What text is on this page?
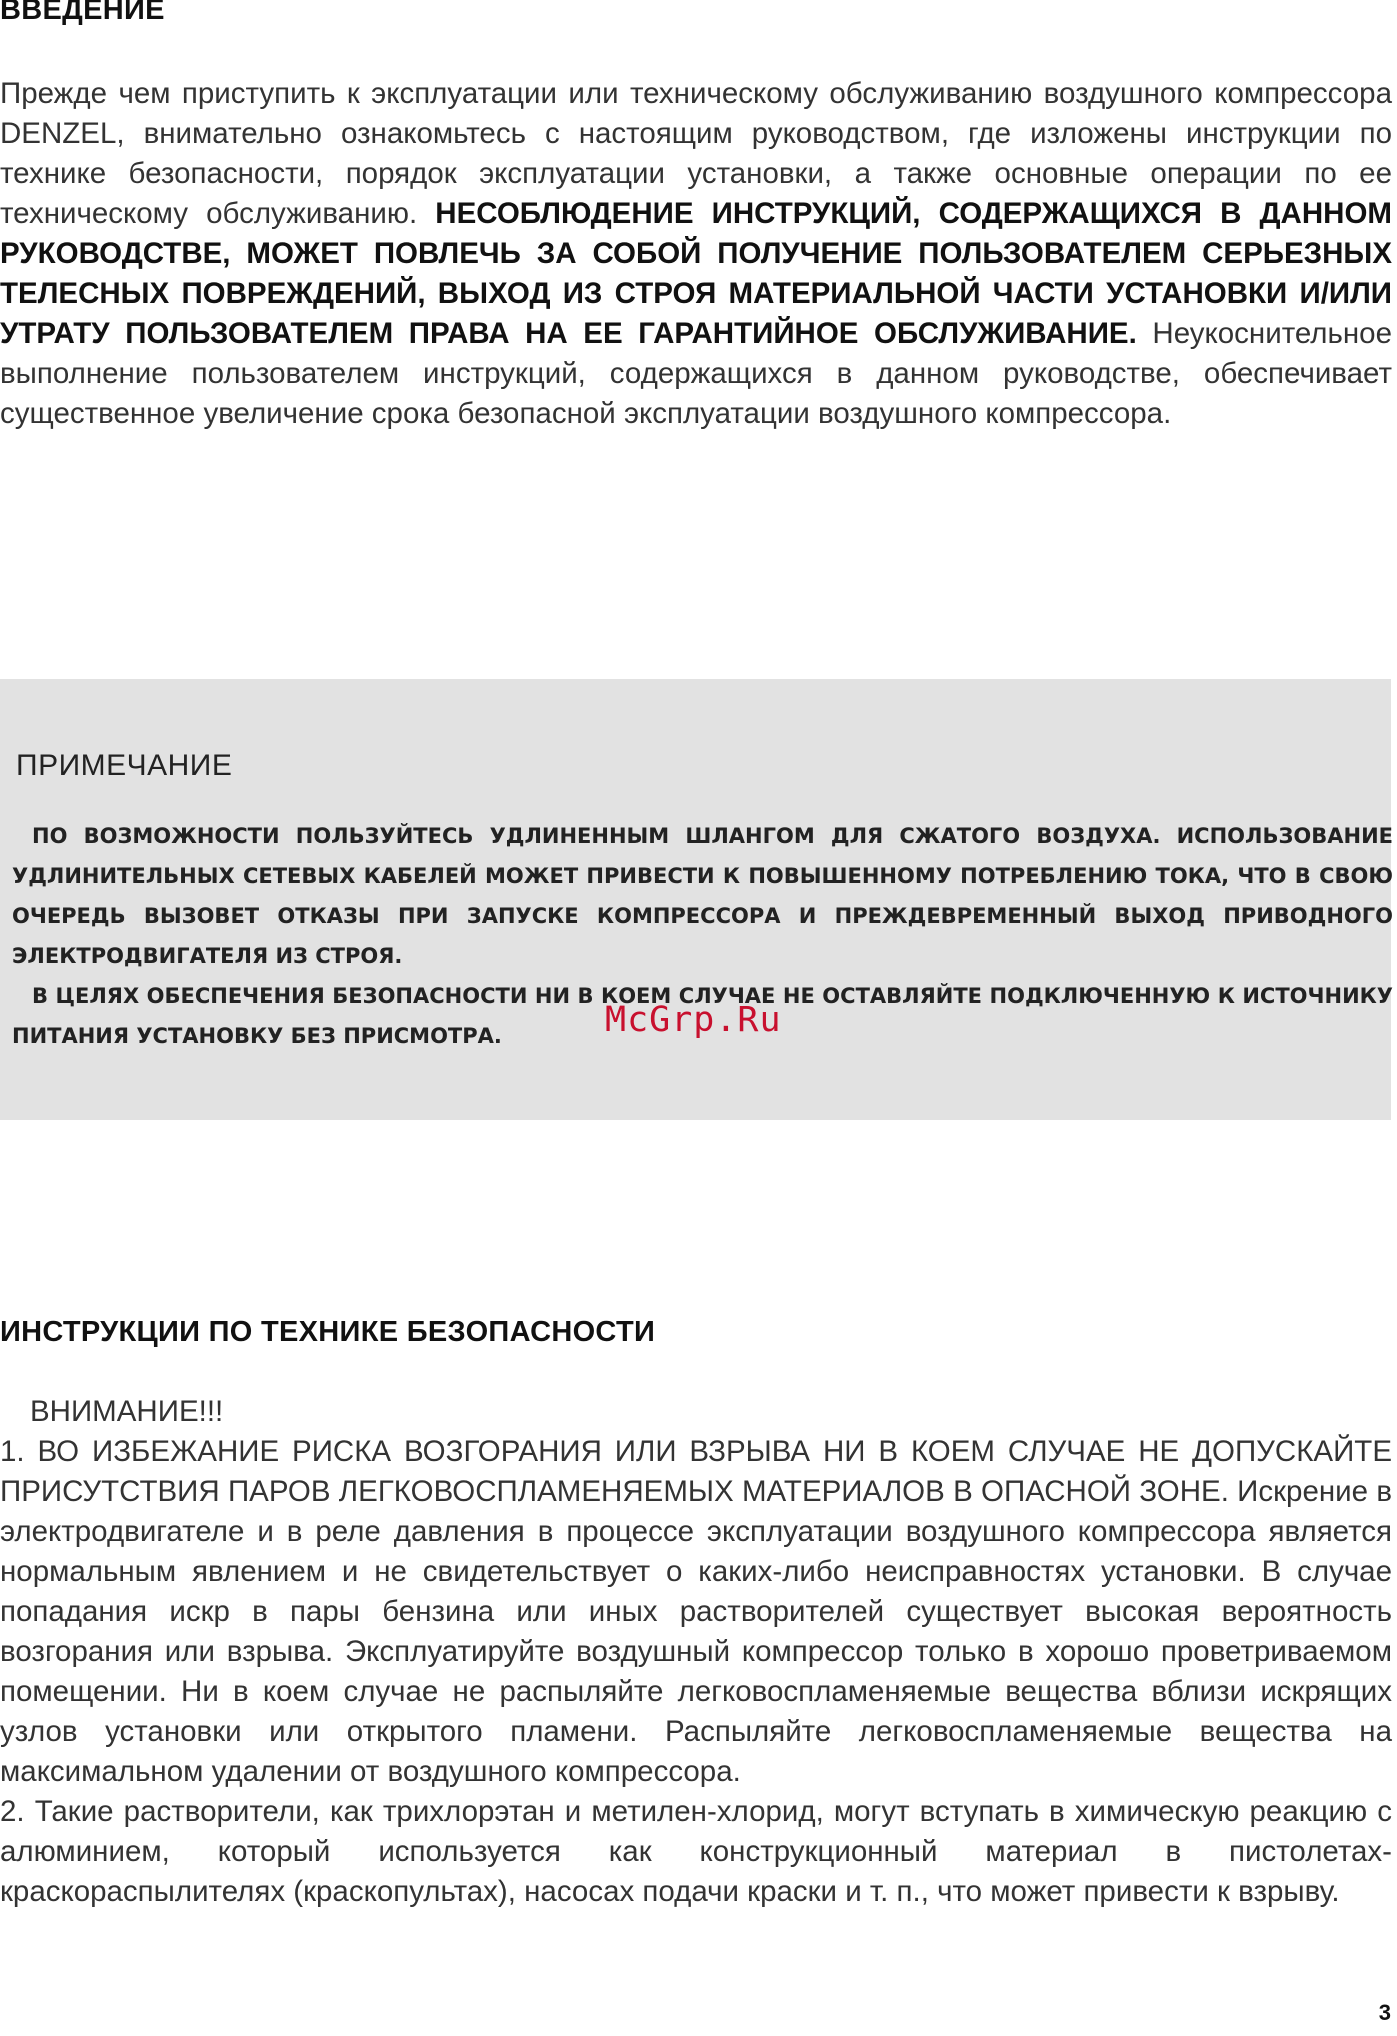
ВВЕДЕНИЕ

Прежде чем приступить к эксплуатации или техническому обслуживанию воздушного компрессора DENZEL, внимательно ознакомьтесь с настоящим руководством, где изложены инструкции по технике безопасности, порядок эксплуатации установки, а также основные операции по ее техническому обслуживанию. НЕСОБЛЮДЕНИЕ ИНСТРУКЦИЙ, СОДЕРЖАЩИХСЯ В ДАННОМ РУКОВОДСТВЕ, МОЖЕТ ПОВЛЕЧЬ ЗА СОБОЙ ПОЛУЧЕНИЕ ПОЛЬЗОВАТЕЛЕМ СЕРЬЕЗНЫХ ТЕЛЕСНЫХ ПОВРЕЖДЕНИЙ, ВЫХОД ИЗ СТРОЯ МАТЕРИАЛЬНОЙ ЧАСТИ УСТАНОВКИ И/ИЛИ УТРАТУ ПОЛЬЗОВАТЕЛЕМ ПРАВА НА ЕЕ ГАРАНТИЙНОЕ ОБСЛУЖИВАНИЕ. Неукоснительное выполнение пользователем инструкций, содержащихся в данном руководстве, обеспечивает существенное увеличение срока безопасной эксплуатации воздушного компрессора.

ПРИМЕЧАНИЕ

ПО ВОЗМОЖНОСТИ ПОЛЬЗУЙТЕСЬ УДЛИНЕННЫМ ШЛАНГОМ ДЛЯ СЖАТОГО ВОЗДУХА. ИСПОЛЬЗОВАНИЕ УДЛИНИТЕЛЬНЫХ СЕТЕВЫХ КАБЕЛЕЙ МОЖЕТ ПРИВЕСТИ К ПОВЫШЕННОМУ ПОТРЕБЛЕНИЮ ТОКА, ЧТО В СВОЮ ОЧЕРЕДЬ ВЫЗОВЕТ ОТКАЗЫ ПРИ ЗАПУСКЕ КОМПРЕССОРА И ПРЕЖДЕВРЕМЕННЫЙ ВЫХОД ПРИВОДНОГО ЭЛЕКТРОДВИГАТЕЛЯ ИЗ СТРОЯ.
В ЦЕЛЯХ ОБЕСПЕЧЕНИЯ БЕЗОПАСНОСТИ НИ В КОЕМ СЛУЧАЕ НЕ ОСТАВЛЯЙТЕ ПОДКЛЮЧЕННУЮ К ИСТОЧНИКУ ПИТАНИЯ УСТАНОВКУ БЕЗ ПРИСМОТРА.	McGrp.Ru
ИНСТРУКЦИИ ПО ТЕХНИКЕ БЕЗОПАСНОСТИ
ВНИМАНИЕ!!!
1. ВО ИЗБЕЖАНИЕ РИСКА ВОЗГОРАНИЯ ИЛИ ВЗРЫВА НИ В КОЕМ СЛУЧАЕ НЕ ДОПУСКАЙТЕ ПРИСУТСТВИЯ ПАРОВ ЛЕГКОВОСПЛАМЕНЯЕМЫХ МАТЕРИАЛОВ В ОПАСНОЙ ЗОНЕ. Искрение в электродвигателе и в реле давления в процессе эксплуатации воздушного компрессора является нормальным явлением и не свидетельствует о каких-либо неисправностях установки. В случае попадания искр в пары бензина или иных растворителей существует высокая вероятность возгорания или взрыва. Эксплуатируйте воздушный компрессор только в хорошо проветриваемом помещении. Ни в коем случае не распыляйте легковоспламеняемые вещества вблизи искрящих узлов установки или открытого пламени. Распыляйте легковоспламеняемые вещества на максимальном удалении от воздушного компрессора.
2. Такие растворители, как трихлорэтан и метилен-хлорид, могут вступать в химическую реакцию с алюминием, который используется как конструкционный материал в пистолетах-краскораспылителях (краскопультах), насосах подачи краски и т. п., что может привести к взрыву.
3
